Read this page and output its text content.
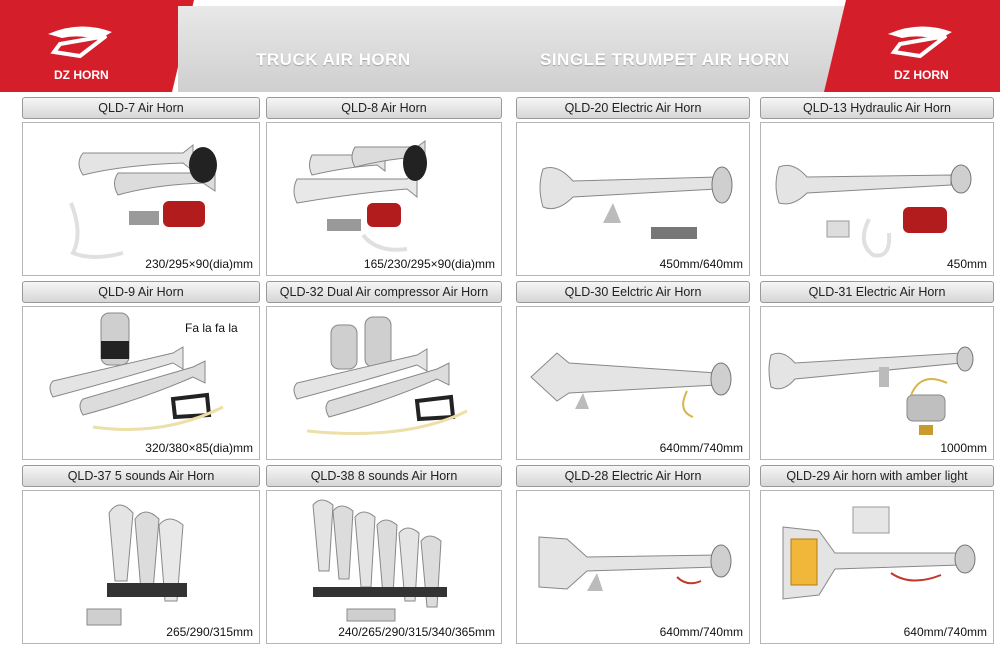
DZ HORN
TRUCK AIR HORN	SINGLE TRUMPET AIR HORN
DZ HORN
QLD-7 Air Horn
230/295×90(dia)mm
QLD-8 Air Horn
165/230/295×90(dia)mm
QLD-20 Electric Air Horn
450mm/640mm
QLD-13 Hydraulic Air Horn
450mm
QLD-9 Air Horn
Fa la fa la
320/380×85(dia)mm
QLD-32 Dual Air compressor Air Horn	QLD-30 Eelctric Air Horn
640mm/740mm
QLD-31 Electric Air Horn
1000mm
QLD-37 5 sounds Air Horn
265/290/315mm
QLD-38 8 sounds Air Horn
240/265/290/315/340/365mm
QLD-28 Electric Air Horn
640mm/740mm
QLD-29 Air horn with amber light
640mm/740mm
